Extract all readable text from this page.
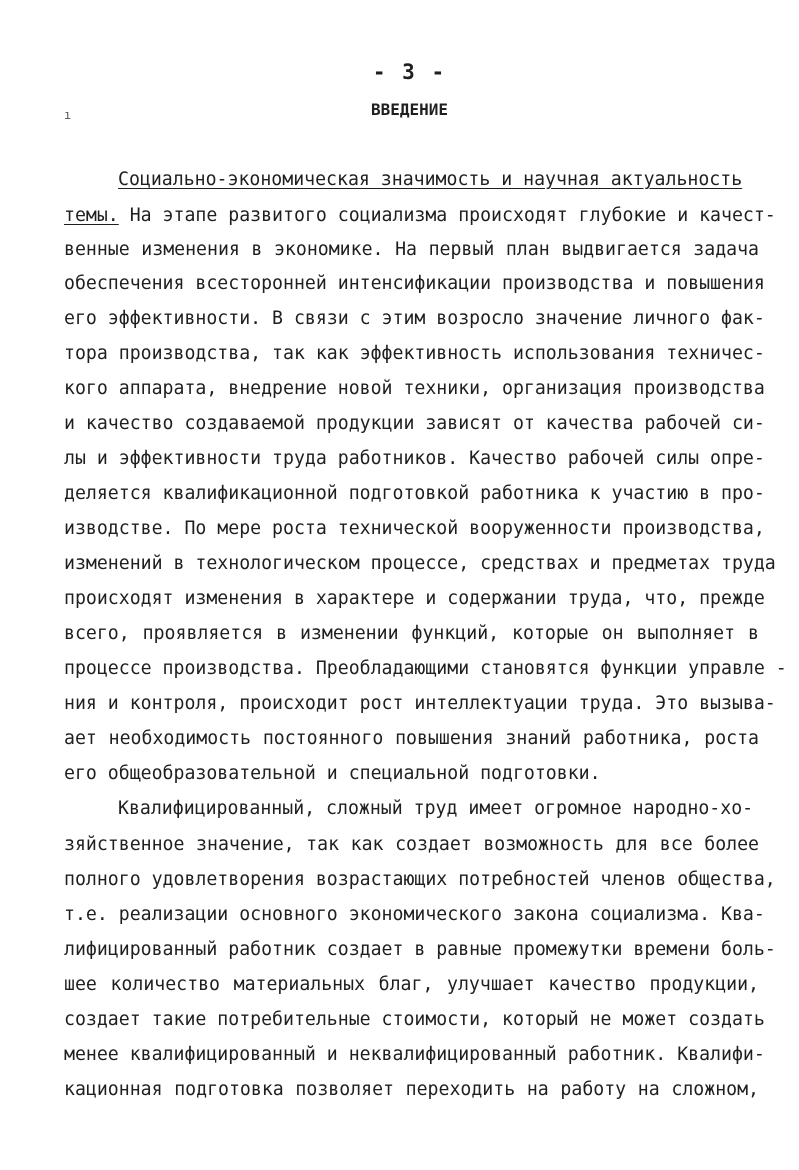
- 3 -
ВВЕДЕНИЕ
ı
Социально-экономическая значимость и научная актуальность
темы. На этапе развитого социализма происходят глубокие и качест-
венные изменения в экономике. На первый план выдвигается задача
обеспечения всесторонней интенсификации производства и повышения
его эффективности. В связи с этим возросло значение личного фак-
тора производства, так как эффективность использования техничес-
кого аппарата, внедрение новой техники, организация производства
и качество создаваемой продукции зависят от качества рабочей си-
лы и эффективности труда работников. Качество рабочей силы опре-
деляется квалификационной подготовкой работника к участию в про-
изводстве. По мере роста технической вооруженности производства,
изменений в технологическом процессе, средствах и предметах труда
происходят изменения в характере и содержании труда, что, прежде
всего, проявляется в изменении функций, которые он выполняет в
процессе производства. Преобладающими становятся функции управле -
ния и контроля, происходит рост интеллектуации труда. Это вызыва-
ает необходимость постоянного повышения знаний работника, роста
его общеобразовательной и специальной подготовки.
Квалифицированный, сложный труд имеет огромное народно-хо-
зяйственное значение, так как создает возможность для все более
полного удовлетворения возрастающих потребностей членов общества,
т.е. реализации основного экономического закона социализма. Ква-
лифицированный работник создает в равные промежутки времени боль-
шее количество материальных благ, улучшает качество продукции,
создает такие потребительные стоимости, который не может создать
менее квалифицированный и неквалифицированный работник. Квалифи-
кационная подготовка позволяет переходить на работу на сложном,
